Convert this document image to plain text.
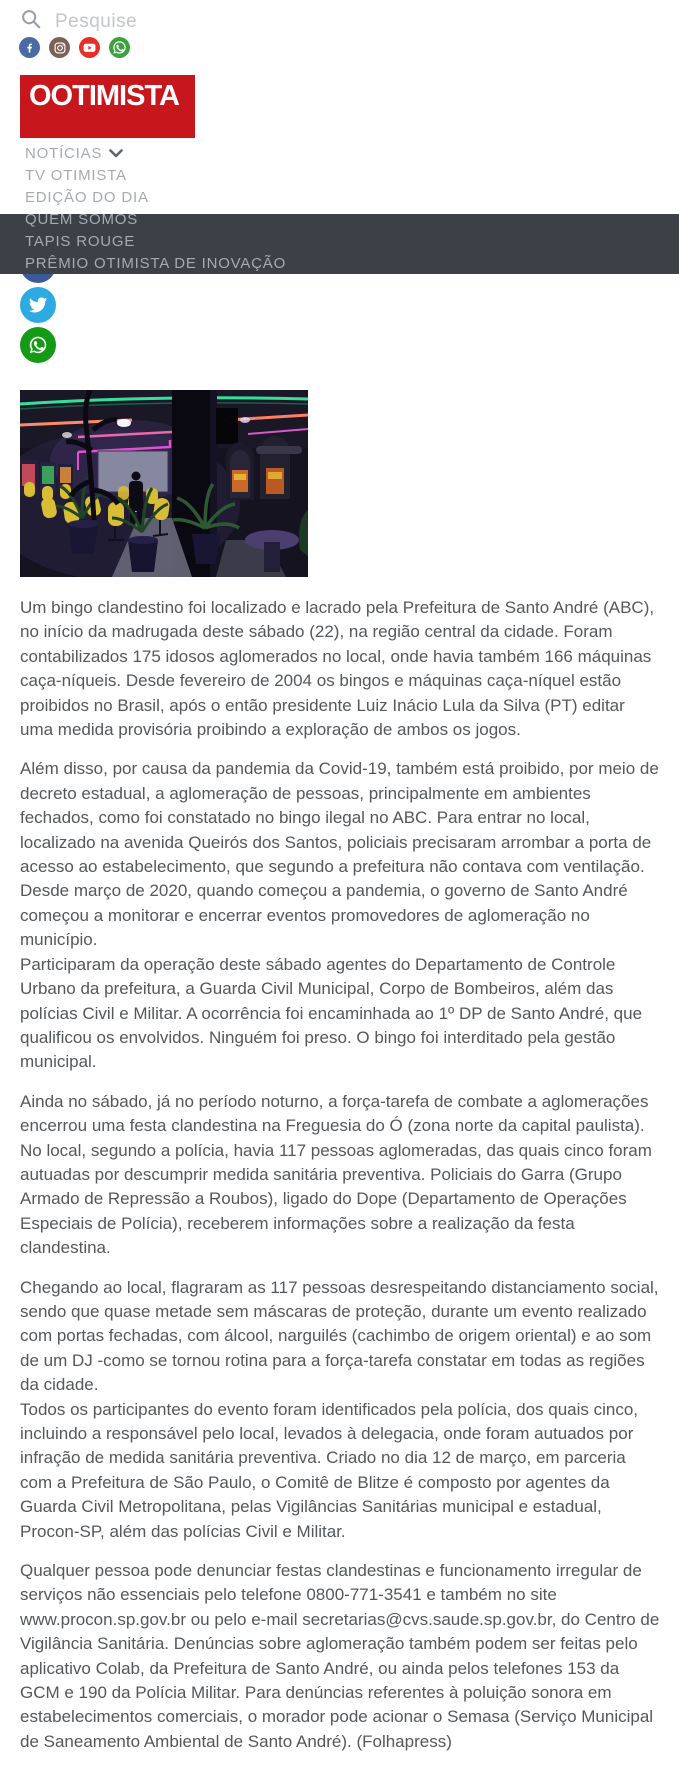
Pesquise
OOTIMISTA
NOTÍCIAS
TV OTIMISTA
EDIÇÃO DO DIA
QUEM SOMOS
TAPIS ROUGE
PRÊMIO OTIMISTA DE INOVAÇÃO

Um bingo clandestino foi localizado e lacrado pela Prefeitura de Santo André (ABC), no início da madrugada deste sábado (22), na região central da cidade. Foram contabilizados 175 idosos aglomerados no local, onde havia também 166 máquinas caça-níqueis. Desde fevereiro de 2004 os bingos e máquinas caça-níquel estão proibidos no Brasil, após o então presidente Luiz Inácio Lula da Silva (PT) editar uma medida provisória proibindo a exploração de ambos os jogos.

Além disso, por causa da pandemia da Covid-19, também está proibido, por meio de decreto estadual, a aglomeração de pessoas, principalmente em ambientes fechados, como foi constatado no bingo ilegal no ABC. Para entrar no local, localizado na avenida Queirós dos Santos, policiais precisaram arrombar a porta de acesso ao estabelecimento, que segundo a prefeitura não contava com ventilação. Desde março de 2020, quando começou a pandemia, o governo de Santo André começou a monitorar e encerrar eventos promovedores de aglomeração no município.

Participaram da operação deste sábado agentes do Departamento de Controle Urbano da prefeitura, a Guarda Civil Municipal, Corpo de Bombeiros, além das polícias Civil e Militar. A ocorrência foi encaminhada ao 1º DP de Santo André, que qualificou os envolvidos. Ninguém foi preso. O bingo foi interditado pela gestão municipal.

Ainda no sábado, já no período noturno, a força-tarefa de combate a aglomerações encerrou uma festa clandestina na Freguesia do Ó (zona norte da capital paulista). No local, segundo a polícia, havia 117 pessoas aglomeradas, das quais cinco foram autuadas por descumprir medida sanitária preventiva. Policiais do Garra (Grupo Armado de Repressão a Roubos), ligado do Dope (Departamento de Operações Especiais de Polícia), receberem informações sobre a realização da festa clandestina.

Chegando ao local, flagraram as 117 pessoas desrespeitando distanciamento social, sendo que quase metade sem máscaras de proteção, durante um evento realizado com portas fechadas, com álcool, narguilés (cachimbo de origem oriental) e ao som de um DJ -como se tornou rotina para a força-tarefa constatar em todas as regiões da cidade.

Todos os participantes do evento foram identificados pela polícia, dos quais cinco, incluindo a responsável pelo local, levados à delegacia, onde foram autuados por infração de medida sanitária preventiva. Criado no dia 12 de março, em parceria com a Prefeitura de São Paulo, o Comitê de Blitze é composto por agentes da Guarda Civil Metropolitana, pelas Vigilâncias Sanitárias municipal e estadual, Procon-SP, além das polícias Civil e Militar.

Qualquer pessoa pode denunciar festas clandestinas e funcionamento irregular de serviços não essenciais pelo telefone 0800-771-3541 e também no site www.procon.sp.gov.br ou pelo e-mail secretarias@cvs.saude.sp.gov.br, do Centro de Vigilância Sanitária. Denúncias sobre aglomeração também podem ser feitas pelo aplicativo Colab, da Prefeitura de Santo André, ou ainda pelos telefones 153 da GCM e 190 da Polícia Militar. Para denúncias referentes à poluição sonora em estabelecimentos comerciais, o morador pode acionar o Semasa (Serviço Municipal de Saneamento Ambiental de Santo André). (Folhapress)
